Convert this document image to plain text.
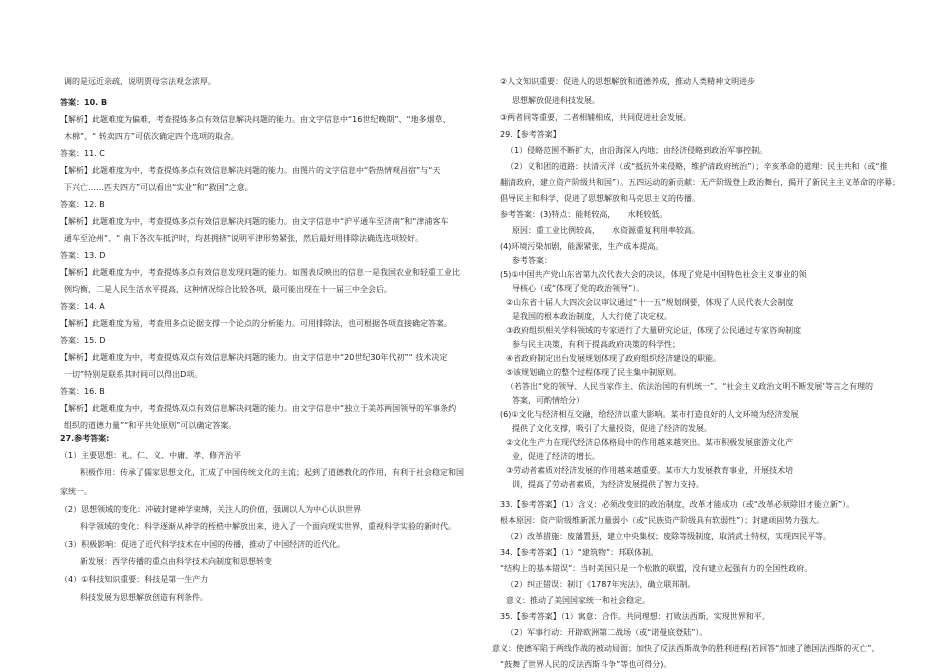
调的是远近亲疏，说明贾母宗法观念浓厚。
答案：10. B
【解析】此题难度为偏难，考查提炼多点有效信息解决问题的能力。由文字信息中“16世纪晚期”、“地多烟草、
木棉”、“ 转卖四方”可依次确定四个选项的取舍。
答案：11. C
【解析】此题难度为中，考查提炼多点有效信息解决问题的能力。由图片的文字信息中“砦热情观昌宿”与“天
下兴亡……匹夫四方”可以看出“实业”和“救国”之意。
答案：12. B
【解析】此题难度为中，考查提炼多点有效信息解决问题的能力。由文字信息中“沪平通车至济南”和“津浦客车
通车至沧州”、“ 南下各次车抵沪时，均甚拥挤”说明平津形势紧张，然后最好用排除法确选选项较好。
答案：13. D
【解析】此题难度为中，考查提炼多点有效信息发现问题的能力。如图表反映出的信息一是我国农业和轻重工业比
例均衡，二是人民生活水平提高，这种情况综合比较各项，最可能出现在十一届三中全会后。
答案：14. A
【解析】此题难度为易，考查用多点论据支撑一个论点的分析能力。可用排除法，也可根据各项直接确定答案。
答案：15. D
【解析】此题难度为中，考查提炼双点有效信息解决问题的能力。由文字信息中“20世纪30年代初”“ 技术决定
一切”特别是联系其时间可以得出D项。
答案：16. B
【解析】此题难度为中，考查提炼双点有效信息解决问题的能力。由文字信息中“独立于美苏两国领导的军事条约
组织的道德力量”“和平共处原则”可以确定答案。
27.参考答案:
（1）主要思想：礼、仁、义、中庸、孝、修齐治平
积极作用：传承了儒家思想文化，汇成了中国传统文化的主流；起到了道德教化的作用，有利于社会稳定和国
家统一。
（2）思想领域的变化：冲破封建神学束缚，关注人的价值，强调以人为中心认识世界
科学领域的变化：科学逐渐从神学的桎梏中解放出来，进入了一个面向现实世界，重视科学实验的新时代。
（3）积极影响：促进了近代科学技术在中国的传播，推动了中国经济的近代化。
新发展：西学传播的重点由科学技术向制度和思想转变
（4）①科技知识重要：科技是第一生产力
科技发展为思想解放创造有利条件。
②人文知识重要：促进人的思想解放和道德养成，推动人类精神文明进步
思想解放促进科技发展。
③两者同等重要，二者相辅相成，共同促进社会发展。
29.【参考答案】
（1）侵略范围不断扩大，由沿海深入内地；由经济侵略到政治军事控制。
（2）义和团的道路：扶清灭洋（或“抵抗外来侵略，维护清政府统治”）；辛亥革命的道理：民主共和（或“推
翻清政府，建立资产阶级共和国”）。五四运动的新贡献：无产阶级登上政治舞台，揭开了新民主主义革命的序幕；
倡导民主和科学，促进了思想解放和马克思主义的传播。
参考答案：(3)特点：能耗较高，　　水耗较低。
原因：重工业比例较高，　　水资源重复利用率较高。
(4)环境污染加剧，能源紧张，生产成本提高。
参考答案：
(5)①中国共产党山东省第九次代表大会的决议，体现了党是中国特色社会主义事业的领
导核心（或“体现了党的政治领导”）。
②山东省十届人大四次会议审议通过“十一五”规划纲要，体现了人民代表大会制度
是我国的根本政治制度，人大行使了决定权。
③政府组织相关学科领域的专家进行了大量研究论证，体现了公民通过专家咨询制度
参与民主决策，有利于提高政府决策的科学性；
④省政府制定出台发展规划体现了政府组织经济建设的职能。
⑤该规划确立的整个过程体现了民主集中制原则。
（若答出“党的领导、人民当家作主、依法治国的有机统一”、“社会主义政治文明不断发展’等言之有理的
答案，可酌情给分）
(6)①文化与经济相互交融，给经济以重大影响。某市打造良好的人文环境为经济发展
提供了文化支撑，吸引了大量投资，促进了经济的发展。
②文化生产力在现代经济总体格局中的作用越来越突出。某市积极发展旅游文化产
业，促进了经济的增长。
③劳动者素质对经济发展的作用越来越重要。某市大力发展教育事业，开展技术培
训，提高了劳动者素质，为经济发展提供了智力支持。
33.【参考答案】（1）含义：必须改变旧的政治制度，改革才能成功（或“改革必须除旧才能立新”）。
根本原因：资产阶级维新派力量弱小（或“民族资产阶级具有软弱性”）；封建顽固势力强大。
（2）改革措施：废藩置县，建立中央集权；废除等级制度，取消武士特权，实现四民平等。
34.【参考答案】（1）“建筑物”：邦联体制。
“结构上的基本错误”：当时美国只是一个松散的联盟，没有建立起强有力的全国性政府。
（2）纠正错误：制订《1787年宪法》，确立联邦制。
意义：推动了美国国家统一和社会稳定。
35.【参考答案】（1）寓意：合作。共同理想：打败法西斯，实现世界和平。
（2）军事行动：开辟欧洲第二战场（或“诺曼底登陆”）。
意义：使德军陷于两线作战的被动局面；加快了反法西斯战争的胜利进程(若回答“加速了德国法西斯的灭亡”、
“鼓舞了世界人民的反法西斯斗争”等也可得分)。
